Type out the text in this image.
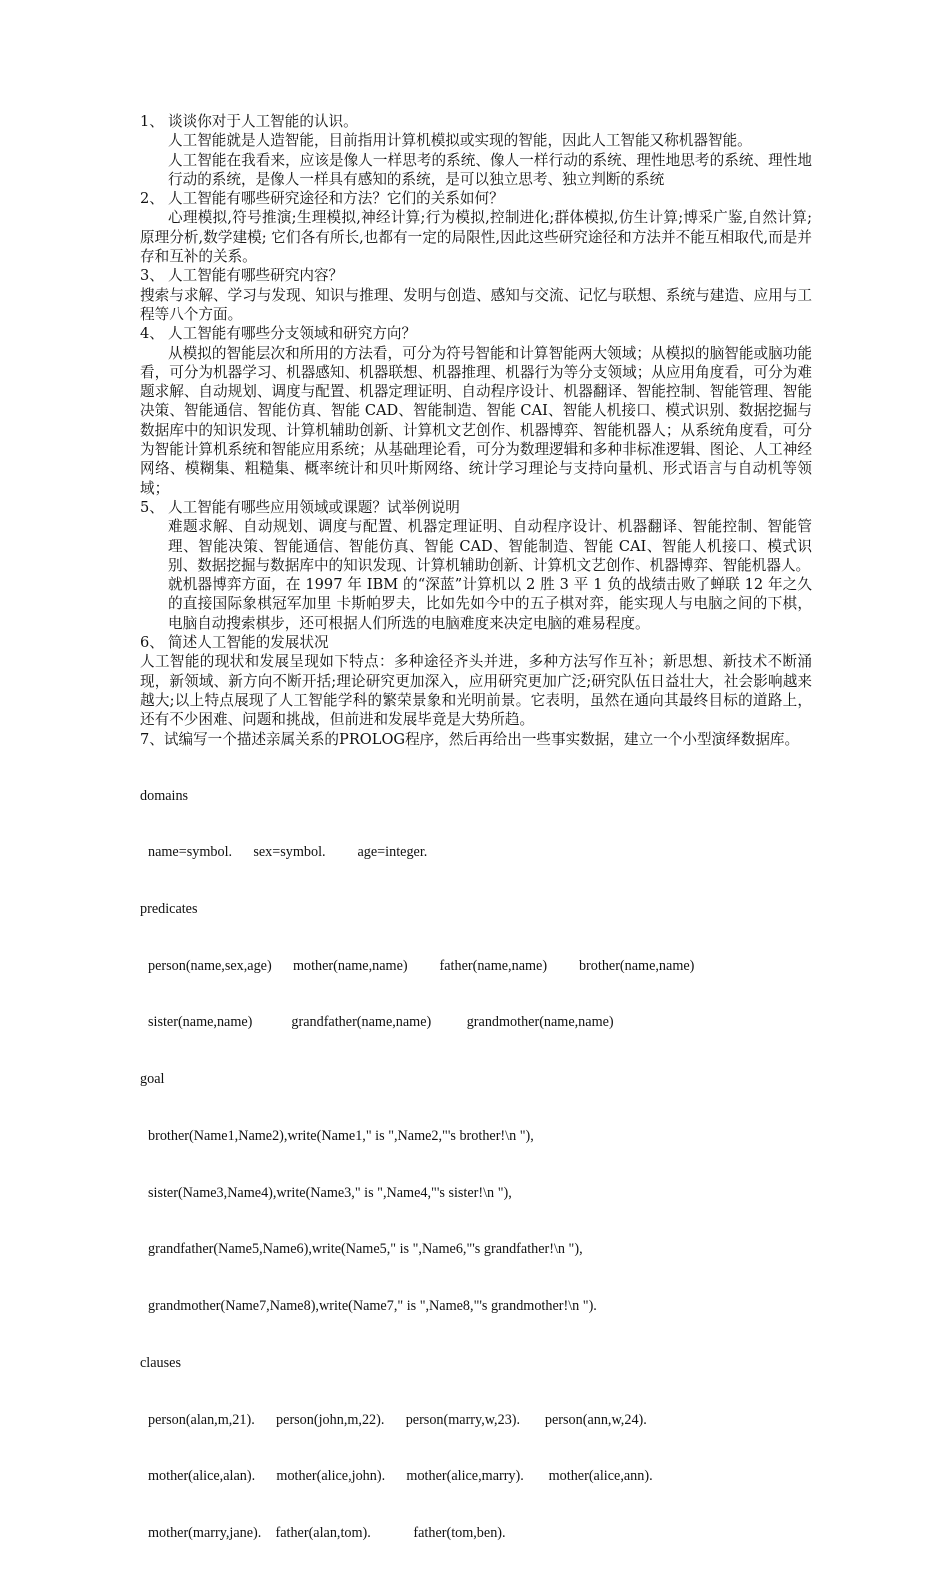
1、 谈谈你对于人工智能的认识。

人工智能就是人造智能，目前指用计算机模拟或实现的智能，因此人工智能又称机器智能。

人工智能在我看来，应该是像人一样思考的系统、像人一样行动的系统、理性地思考的系统、理性地行动的系统，是像人一样具有感知的系统，是可以独立思考、独立判断的系统

2、 人工智能有哪些研究途径和方法？它们的关系如何？

心理模拟,符号推演;生理模拟,神经计算;行为模拟,控制进化;群体模拟,仿生计算;博采广鉴,自然计算;原理分析,数学建模; 它们各有所长,也都有一定的局限性,因此这些研究途径和方法并不能互相取代,而是并存和互补的关系。

3、 人工智能有哪些研究内容？

搜索与求解、学习与发现、知识与推理、发明与创造、感知与交流、记忆与联想、系统与建造、应用与工程等八个方面。

4、 人工智能有哪些分支领域和研究方向？

从模拟的智能层次和所用的方法看，可分为符号智能和计算智能两大领域；从模拟的脑智能或脑功能看，可分为机器学习、机器感知、机器联想、机器推理、机器行为等分支领域；从应用角度看，可分为难题求解、自动规划、调度与配置、机器定理证明、自动程序设计、机器翻译、智能控制、智能管理、智能决策、智能通信、智能仿真、智能 CAD、智能制造、智能 CAI、智能人机接口、模式识别、数据挖掘与数据库中的知识发现、计算机辅助创新、计算机文艺创作、机器博弈、智能机器人；从系统角度看，可分为智能计算机系统和智能应用系统；从基础理论看，可分为数理逻辑和多种非标准逻辑、图论、人工神经网络、模糊集、粗糙集、概率统计和贝叶斯网络、统计学习理论与支持向量机、形式语言与自动机等领域；

5、 人工智能有哪些应用领域或课题？试举例说明

难题求解、自动规划、调度与配置、机器定理证明、自动程序设计、机器翻译、智能控制、智能管理、智能决策、智能通信、智能仿真、智能 CAD、智能制造、智能 CAI、智能人机接口、模式识别、数据挖掘与数据库中的知识发现、计算机辅助创新、计算机文艺创作、机器博弈、智能机器人。

就机器博弈方面，在 1997 年 IBM 的“深蓝”计算机以 2 胜 3 平 1 负的战绩击败了蝉联 12 年之久的直接国际象棋冠军加里 卡斯帕罗夫，比如先如今中的五子棋对弈，能实现人与电脑之间的下棋，电脑自动搜索棋步，还可根据人们所选的电脑难度来决定电脑的难易程度。

6、 简述人工智能的发展状况

人工智能的现状和发展呈现如下特点：多种途径齐头并进，多种方法写作互补；新思想、新技术不断涌现，新领域、新方向不断开括;理论研究更加深入，应用研究更加广泛;研究队伍日益壮大，社会影响越来越大;以上特点展现了人工智能学科的繁荣景象和光明前景。它表明，虽然在通向其最终目标的道路上，还有不少困难、问题和挑战，但前进和发展毕竟是大势所趋。

7、试编写一个描述亲属关系的PROLOG程序，然后再给出一些事实数据，建立一个小型演绎数据库。

domains

name=symbol.      sex=symbol.         age=integer.

predicates

person(name,sex,age)      mother(name,name)         father(name,name)         brother(name,name)

sister(name,name)           grandfather(name,name)          grandmother(name,name)

goal

brother(Name1,Name2),write(Name1," is ",Name2,"'s brother!\n "),

sister(Name3,Name4),write(Name3," is ",Name4,"'s sister!\n "),

grandfather(Name5,Name6),write(Name5," is ",Name6,"'s grandfather!\n "),

grandmother(Name7,Name8),write(Name7," is ",Name8,"'s grandmother!\n ").

clauses

person(alan,m,21).      person(john,m,22).      person(marry,w,23).       person(ann,w,24).

mother(alice,alan).      mother(alice,john).      mother(alice,marry).       mother(alice,ann).

mother(marry,jane).    father(alan,tom).            father(tom,ben).
